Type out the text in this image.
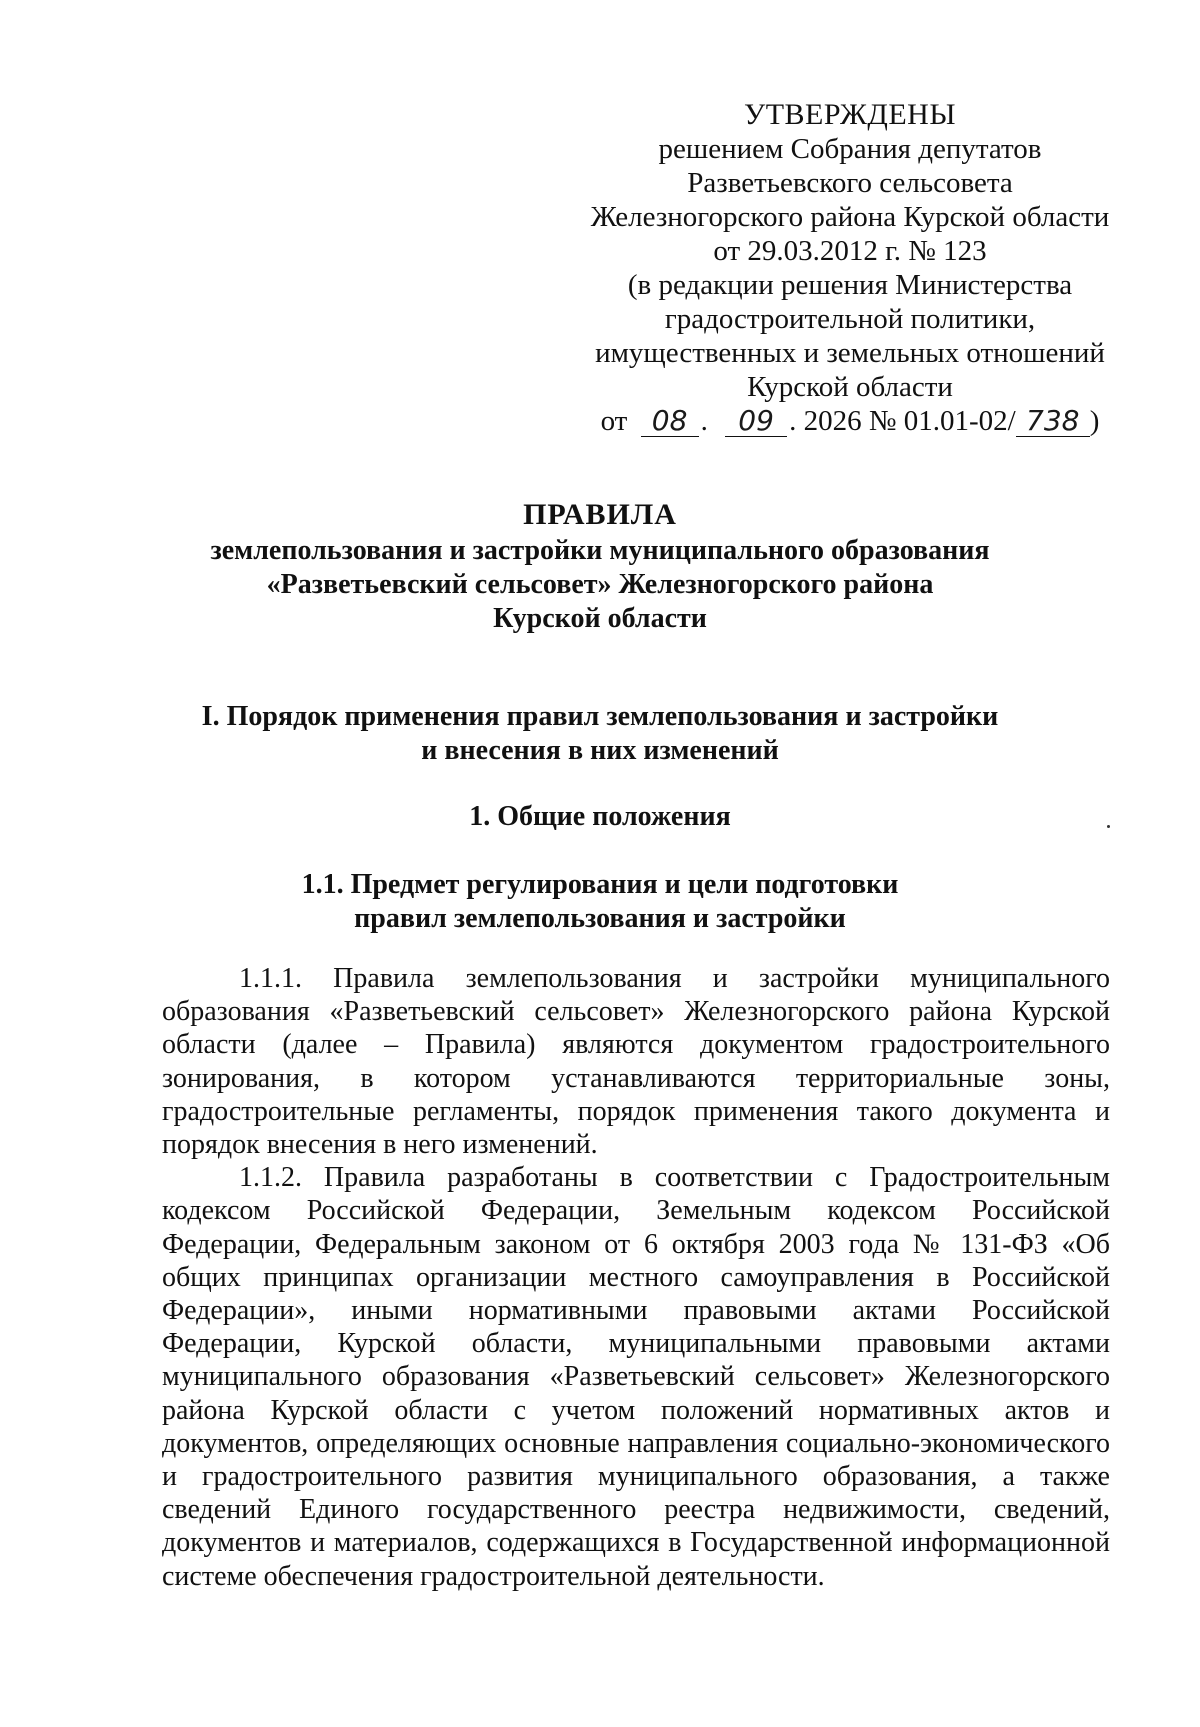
УТВЕРЖДЕНЫ
решением Собрания депутатов
Разветьевского сельсовета
Железногорского района Курской области
от 29.03.2012 г. № 123
(в редакции решения Министерства
градостроительной политики,
имущественных и земельных отношений
Курской области
от 08 . 09 . 2026 № 01.01-02/ 738 )
ПРАВИЛА
землепользования и застройки муниципального образования
«Разветьевский сельсовет» Железногорского района
Курской области
I. Порядок применения правил землепользования и застройки
и внесения в них изменений
1. Общие положения
1.1. Предмет регулирования и цели подготовки
правил землепользования и застройки

1.1.1. Правила землепользования и застройки муниципального образования «Разветьевский сельсовет» Железногорского района Курской области (далее – Правила) являются документом градостроительного зонирования, в котором устанавливаются территориальные зоны, градостроительные регламенты, порядок применения такого документа и порядок внесения в него изменений.

1.1.2. Правила разработаны в соответствии с Градостроительным кодексом Российской Федерации, Земельным кодексом Российской Федерации, Федеральным законом от 6 октября 2003 года № 131-ФЗ «Об общих принципах организации местного самоуправления в Российской Федерации», иными нормативными правовыми актами Российской Федерации, Курской области, муниципальными правовыми актами муниципального образования «Разветьевский сельсовет» Железногорского района Курской области с учетом положений нормативных актов и документов, определяющих основные направления социально-экономического и градостроительного развития муниципального образования, а также сведений Единого государственного реестра недвижимости, сведений, документов и материалов, содержащихся в Государственной информационной системе обеспечения градостроительной деятельности.
